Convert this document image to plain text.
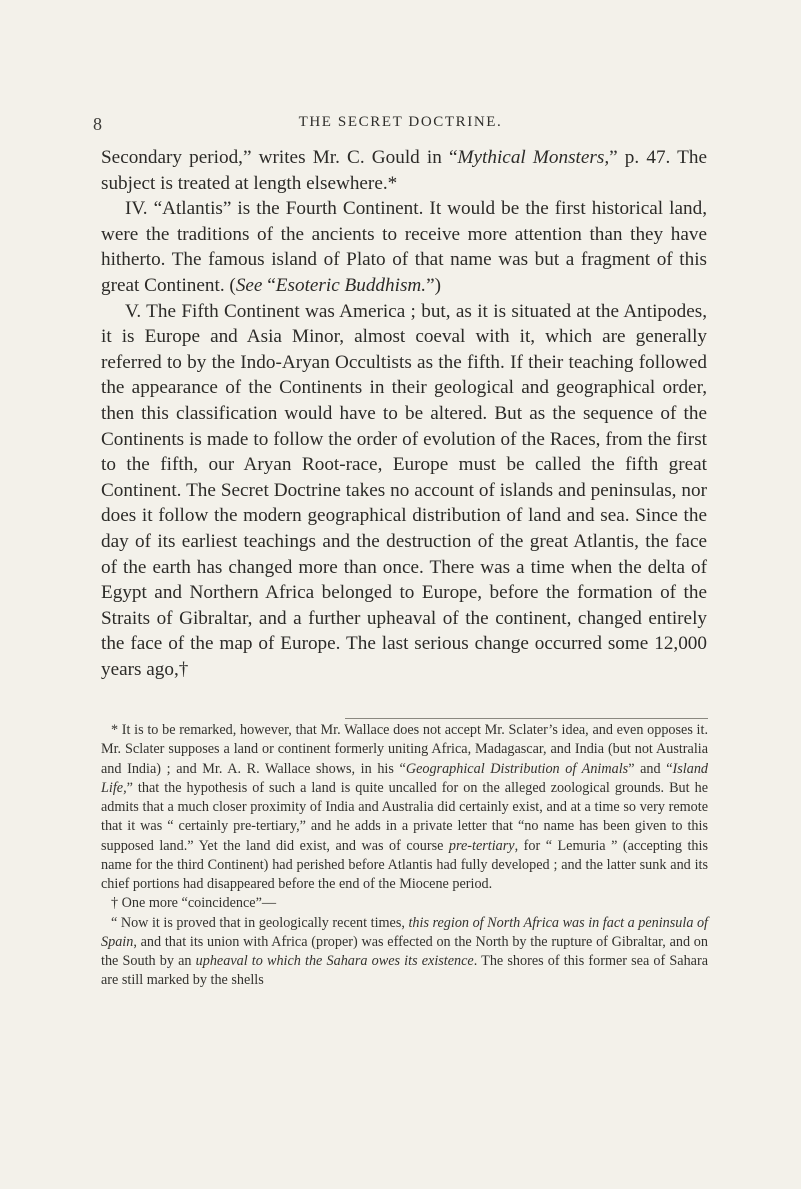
8	THE SECRET DOCTRINE.

Secondary period,” writes Mr. C. Gould in “Mythical Monsters,” p. 47. The subject is treated at length elsewhere.*

IV. “Atlantis” is the Fourth Continent. It would be the first historical land, were the traditions of the ancients to receive more attention than they have hitherto. The famous island of Plato of that name was but a fragment of this great Continent. (See “Esoteric Buddhism.”)

V. The Fifth Continent was America ; but, as it is situated at the Antipodes, it is Europe and Asia Minor, almost coeval with it, which are generally referred to by the Indo-Aryan Occultists as the fifth. If their teaching followed the appearance of the Continents in their geological and geographical order, then this classification would have to be altered. But as the sequence of the Continents is made to follow the order of evolution of the Races, from the first to the fifth, our Aryan Root-race, Europe must be called the fifth great Continent. The Secret Doctrine takes no account of islands and peninsulas, nor does it follow the modern geographical distribution of land and sea. Since the day of its earliest teachings and the destruction of the great Atlantis, the face of the earth has changed more than once. There was a time when the delta of Egypt and Northern Africa belonged to Europe, before the formation of the Straits of Gibraltar, and a further upheaval of the continent, changed entirely the face of the map of Europe. The last serious change occurred some 12,000 years ago,†

* It is to be remarked, however, that Mr. Wallace does not accept Mr. Sclater’s idea, and even opposes it. Mr. Sclater supposes a land or continent formerly uniting Africa, Madagascar, and India (but not Australia and India) ; and Mr. A. R. Wallace shows, in his “Geographical Distribution of Animals” and “Island Life,” that the hypothesis of such a land is quite uncalled for on the alleged zoological grounds. But he admits that a much closer proximity of India and Australia did certainly exist, and at a time so very remote that it was “ certainly pre-tertiary,” and he adds in a private letter that “no name has been given to this supposed land.” Yet the land did exist, and was of course pre-tertiary, for “ Lemuria ” (accepting this name for the third Continent) had perished before Atlantis had fully developed ; and the latter sunk and its chief portions had disappeared before the end of the Miocene period.

† One more “coincidence”—

“ Now it is proved that in geologically recent times, this region of North Africa was in fact a peninsula of Spain, and that its union with Africa (proper) was effected on the North by the rupture of Gibraltar, and on the South by an upheaval to which the Sahara owes its existence. The shores of this former sea of Sahara are still marked by the shells
